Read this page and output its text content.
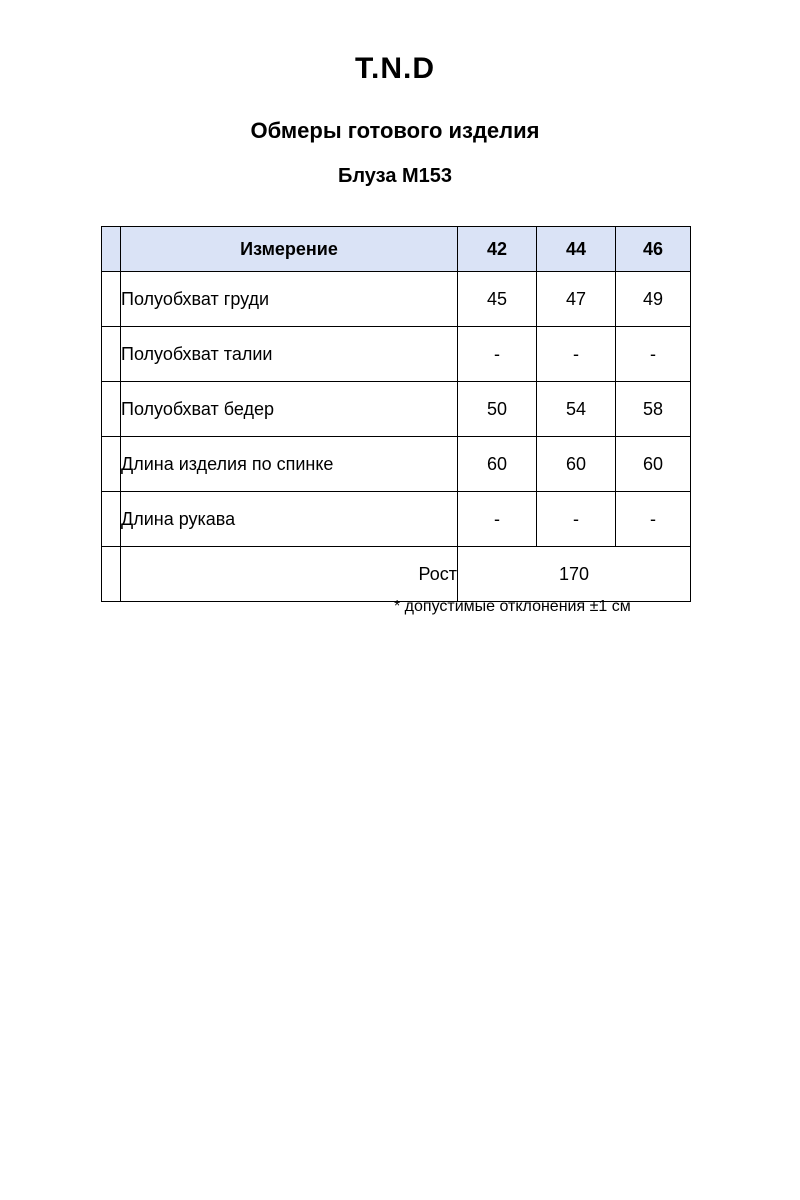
T.N.D
Обмеры готового изделия
Блуза М153
	Измерение	42	44	46
	Полуобхват груди	45	47	49
	Полуобхват талии	-	-	-
	Полуобхват бедер	50	54	58
	Длина изделия по спинке	60	60	60
	Длина рукава	-	-	-
	Рост	170		
* допустимые отклонения ±1 см
